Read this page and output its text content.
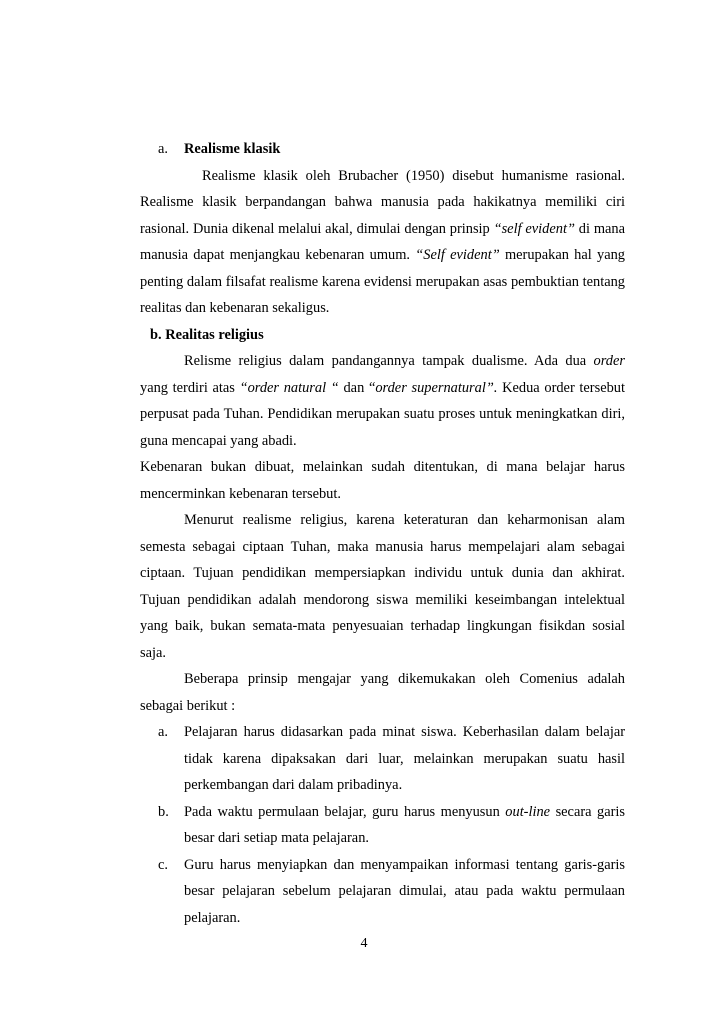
a. Realisme klasik

Realisme klasik oleh Brubacher (1950) disebut humanisme rasional. Realisme klasik berpandangan bahwa manusia pada hakikatnya memiliki ciri rasional. Dunia dikenal melalui akal, dimulai dengan prinsip “self evident” di mana manusia dapat menjangkau kebenaran umum. “Self evident” merupakan hal yang penting dalam filsafat realisme karena evidensi merupakan asas pembuktian tentang realitas dan kebenaran sekaligus.

b. Realitas religius

Relisme religius dalam pandangannya tampak dualisme. Ada dua order yang terdiri atas “order natural “ dan “order supernatural”. Kedua order tersebut perpusat pada Tuhan. Pendidikan merupakan suatu proses untuk meningkatkan diri, guna mencapai yang abadi.

Kebenaran bukan dibuat, melainkan sudah ditentukan, di mana belajar harus mencerminkan kebenaran tersebut.

Menurut realisme religius, karena keteraturan dan keharmonisan alam semesta sebagai ciptaan Tuhan, maka manusia harus mempelajari alam sebagai ciptaan. Tujuan pendidikan mempersiapkan individu untuk dunia dan akhirat. Tujuan pendidikan adalah mendorong siswa memiliki keseimbangan intelektual yang baik, bukan semata-mata penyesuaian terhadap lingkungan fisikdan sosial saja.

Beberapa prinsip mengajar yang dikemukakan oleh Comenius adalah sebagai berikut :

a. Pelajaran harus didasarkan pada minat siswa. Keberhasilan dalam belajar tidak karena dipaksakan dari luar, melainkan merupakan suatu hasil perkembangan dari dalam pribadinya.
b. Pada waktu permulaan belajar, guru harus menyusun out-line secara garis besar dari setiap mata pelajaran.
c. Guru harus menyiapkan dan menyampaikan informasi tentang garis-garis besar pelajaran sebelum pelajaran dimulai, atau pada waktu permulaan pelajaran.
4
